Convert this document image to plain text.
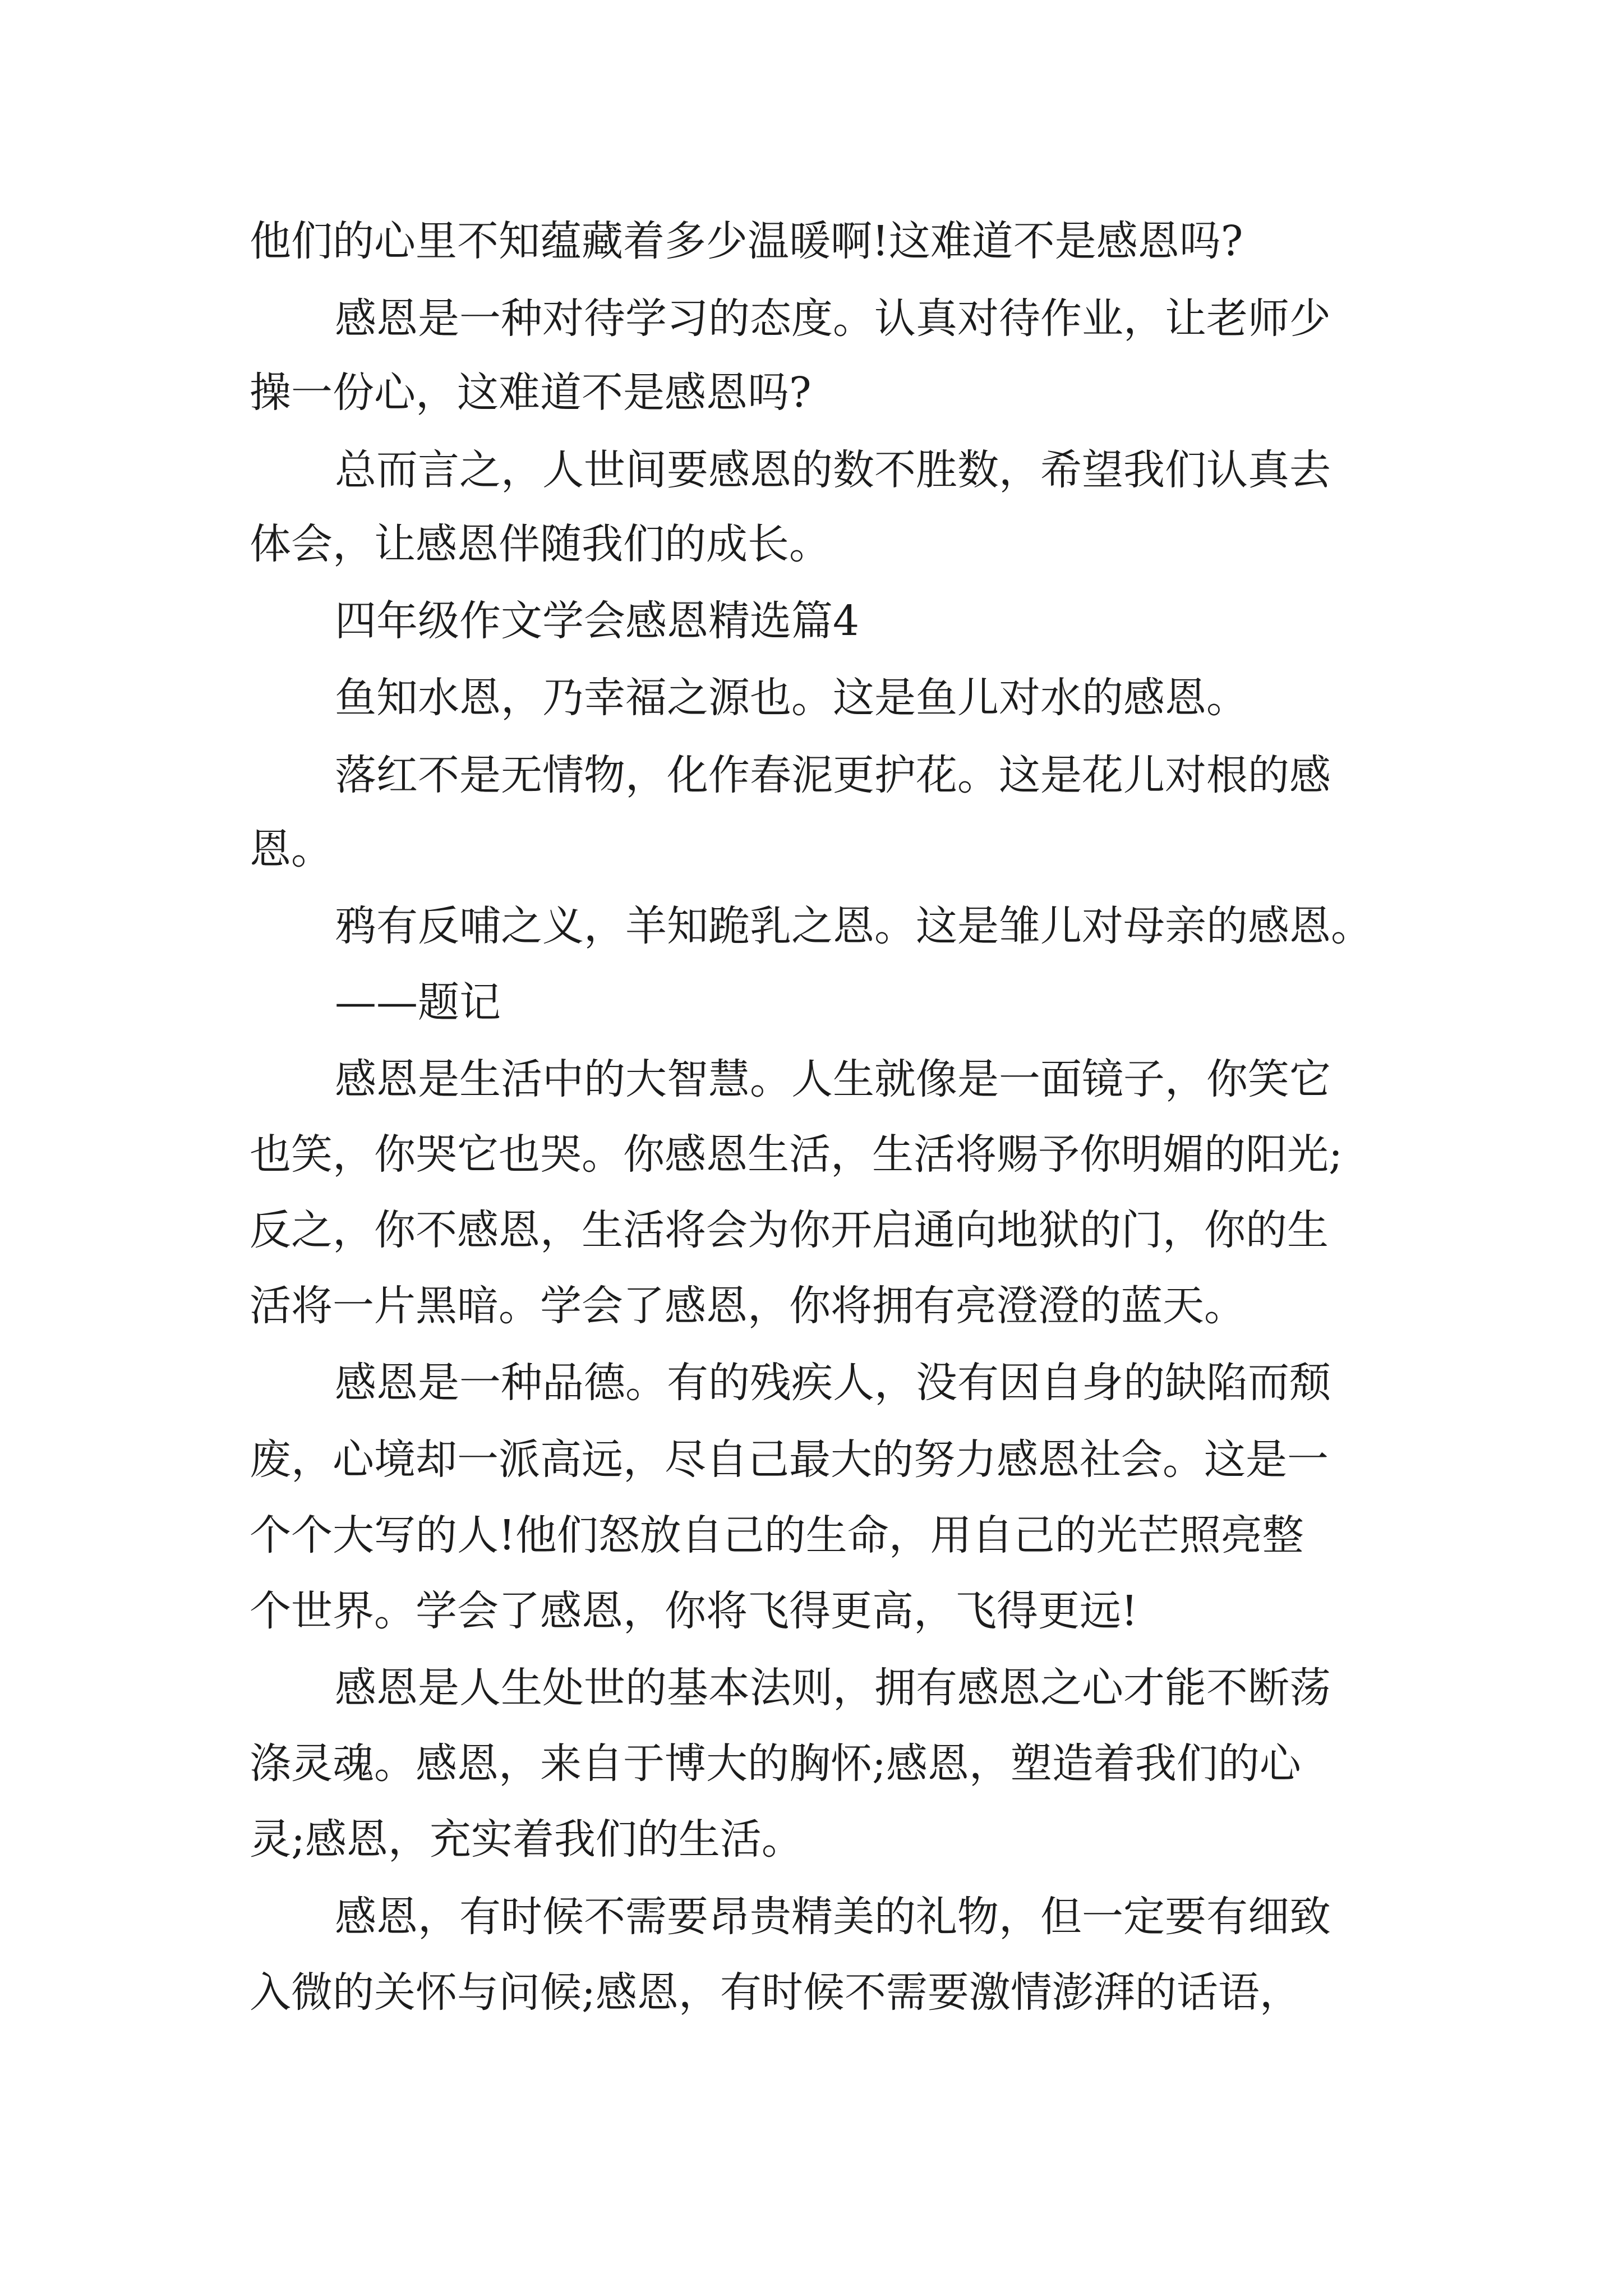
他们的心里不知蕴藏着多少温暖啊!这难道不是感恩吗?

感恩是一种对待学习的态度。认真对待作业，让老师少

操一份心，这难道不是感恩吗?

总而言之，人世间要感恩的数不胜数，希望我们认真去

体会，让感恩伴随我们的成长。

四年级作文学会感恩精选篇4

鱼知水恩，乃幸福之源也。这是鱼儿对水的感恩。

落红不是无情物，化作春泥更护花。这是花儿对根的感

恩。

鸦有反哺之义，羊知跪乳之恩。这是雏儿对母亲的感恩。

——题记

感恩是生活中的大智慧。人生就像是一面镜子，你笑它

也笑，你哭它也哭。你感恩生活，生活将赐予你明媚的阳光;

反之，你不感恩，生活将会为你开启通向地狱的门，你的生

活将一片黑暗。学会了感恩，你将拥有亮澄澄的蓝天。

感恩是一种品德。有的残疾人，没有因自身的缺陷而颓

废，心境却一派高远，尽自己最大的努力感恩社会。这是一

个个大写的人!他们怒放自己的生命，用自己的光芒照亮整

个世界。学会了感恩，你将飞得更高，飞得更远!

感恩是人生处世的基本法则，拥有感恩之心才能不断荡

涤灵魂。感恩，来自于博大的胸怀;感恩，塑造着我们的心

灵;感恩，充实着我们的生活。

感恩，有时候不需要昂贵精美的礼物，但一定要有细致

入微的关怀与问候;感恩，有时候不需要激情澎湃的话语，
